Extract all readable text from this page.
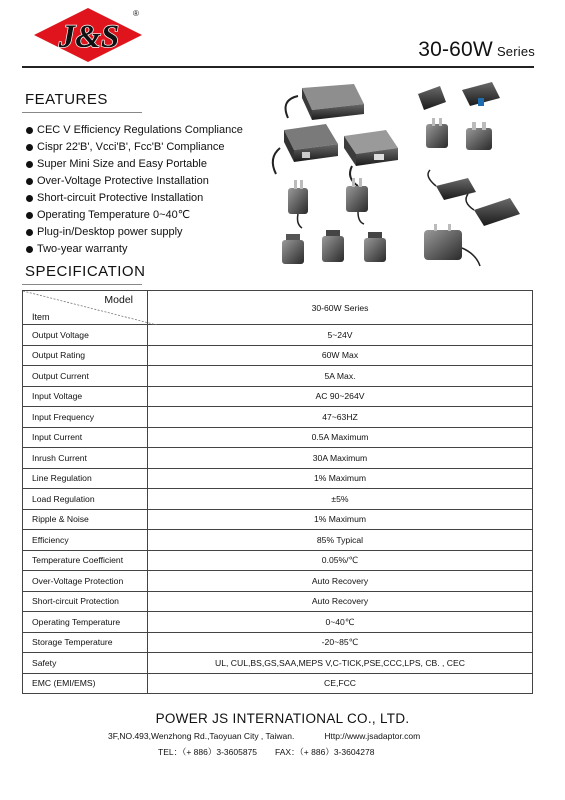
J&S
®
30-60W Series
FEATURES
CEC V Efficiency Regulations Compliance
Cispr 22'B', Vcci'B', Fcc'B' Compliance
Super Mini Size and Easy Portable
Over-Voltage Protective Installation
Short-circuit Protective Installation
Operating Temperature 0~40℃
Plug-in/Desktop power supply
Two-year warranty
SPECIFICATION
Model
Item	30-60W Series
Output Voltage	5~24V
Output Rating	60W Max
Output Current	5A Max.
Input Voltage	AC 90~264V
Input Frequency	47~63HZ
Input Current	0.5A Maximum
Inrush Current	30A Maximum
Line Regulation	1% Maximum
Load Regulation	±5%
Ripple & Noise	1% Maximum
Efficiency	85% Typical
Temperature Coefficient	0.05%/℃
Over-Voltage Protection	Auto Recovery
Short-circuit Protection	Auto Recovery
Operating Temperature	0~40℃
Storage Temperature	-20~85℃
Safety	UL, CUL,BS,GS,SAA,MEPS V,C-TICK,PSE,CCC,LPS, CB. , CEC
EMC (EMI/EMS)	CE,FCC
POWER JS INTERNATIONAL CO., LTD.
3F,NO.493,Wenzhong Rd.,Taoyuan City , Taiwan.	Http://www.jsadaptor.com
TEL：（+ 886）3-3605875 FAX：（+ 886）3-3604278
